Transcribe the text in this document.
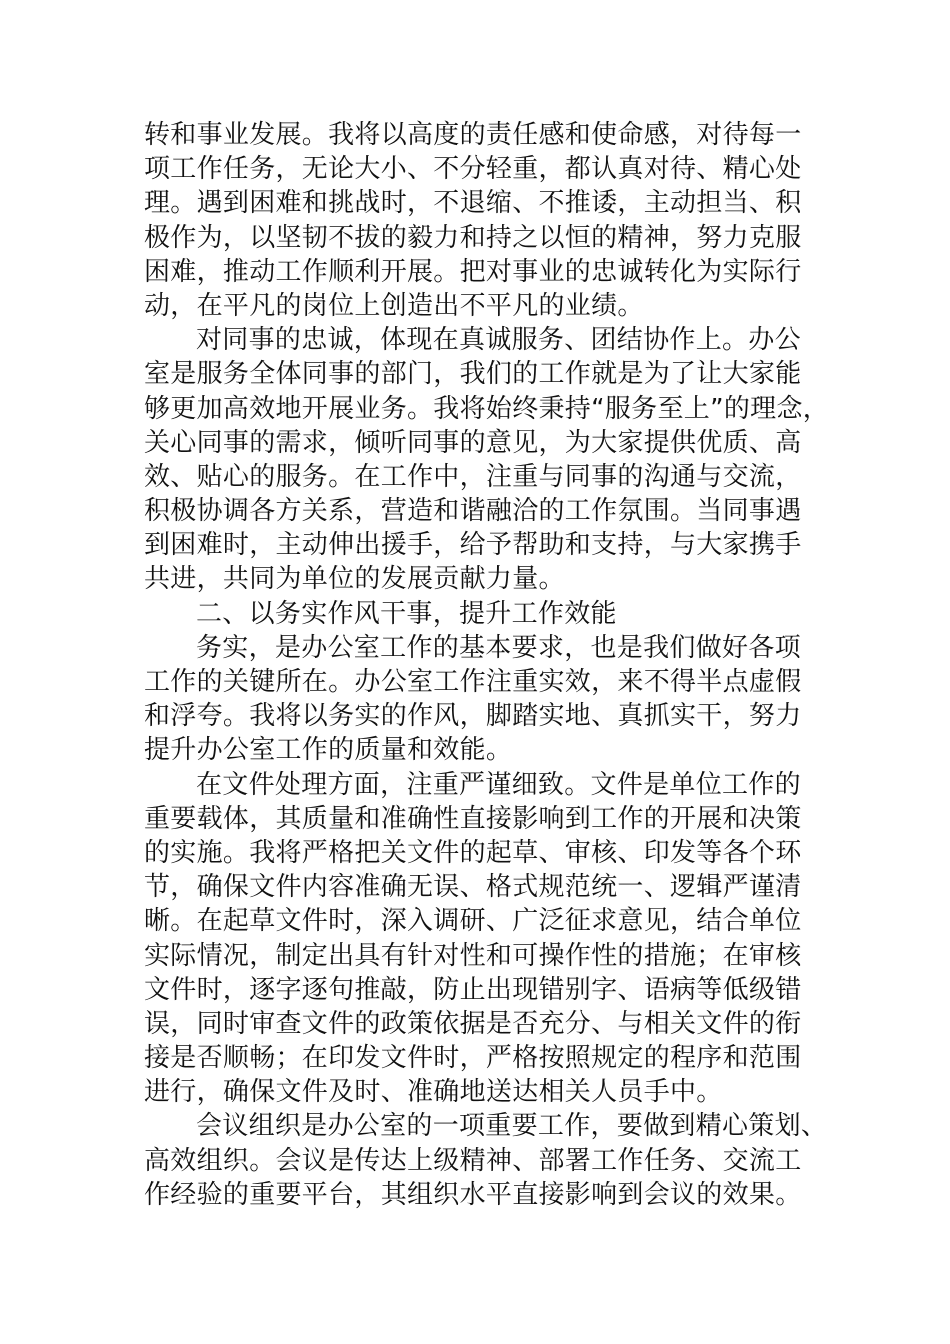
转和事业发展。我将以高度的责任感和使命感，对待每一
项工作任务，无论大小、不分轻重，都认真对待、精心处
理。遇到困难和挑战时，不退缩、不推诿，主动担当、积
极作为，以坚韧不拔的毅力和持之以恒的精神，努力克服
困难，推动工作顺利开展。把对事业的忠诚转化为实际行
动，在平凡的岗位上创造出不平凡的业绩。
对同事的忠诚，体现在真诚服务、团结协作上。办公
室是服务全体同事的部门，我们的工作就是为了让大家能
够更加高效地开展业务。我将始终秉持“服务至上”的理念，
关心同事的需求，倾听同事的意见，为大家提供优质、高
效、贴心的服务。在工作中，注重与同事的沟通与交流，
积极协调各方关系，营造和谐融洽的工作氛围。当同事遇
到困难时，主动伸出援手，给予帮助和支持，与大家携手
共进，共同为单位的发展贡献力量。
二、以务实作风干事，提升工作效能
务实，是办公室工作的基本要求，也是我们做好各项
工作的关键所在。办公室工作注重实效，来不得半点虚假
和浮夸。我将以务实的作风，脚踏实地、真抓实干，努力
提升办公室工作的质量和效能。
在文件处理方面，注重严谨细致。文件是单位工作的
重要载体，其质量和准确性直接影响到工作的开展和决策
的实施。我将严格把关文件的起草、审核、印发等各个环
节，确保文件内容准确无误、格式规范统一、逻辑严谨清
晰。在起草文件时，深入调研、广泛征求意见，结合单位
实际情况，制定出具有针对性和可操作性的措施；在审核
文件时，逐字逐句推敲，防止出现错别字、语病等低级错
误，同时审查文件的政策依据是否充分、与相关文件的衔
接是否顺畅；在印发文件时，严格按照规定的程序和范围
进行，确保文件及时、准确地送达相关人员手中。
会议组织是办公室的一项重要工作，要做到精心策划、
高效组织。会议是传达上级精神、部署工作任务、交流工
作经验的重要平台，其组织水平直接影响到会议的效果。
